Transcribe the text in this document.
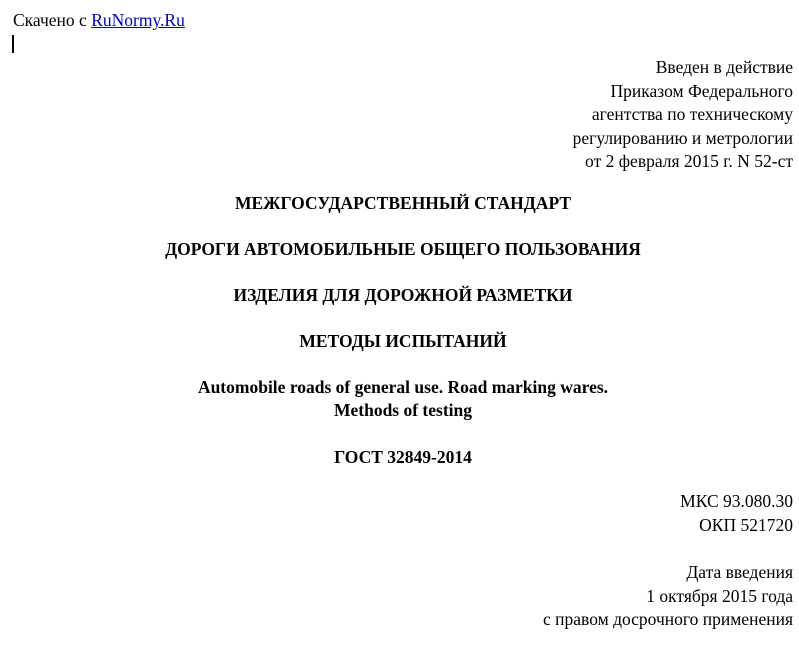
Скачено с RuNormy.Ru
Введен в действие
Приказом Федерального
агентства по техническому
регулированию и метрологии
от 2 февраля 2015 г. N 52-ст
МЕЖГОСУДАРСТВЕННЫЙ СТАНДАРТ
ДОРОГИ АВТОМОБИЛЬНЫЕ ОБЩЕГО ПОЛЬЗОВАНИЯ
ИЗДЕЛИЯ ДЛЯ ДОРОЖНОЙ РАЗМЕТКИ
МЕТОДЫ ИСПЫТАНИЙ
Automobile roads of general use. Road marking wares.
Methods of testing
ГОСТ 32849-2014
МКС 93.080.30
ОКП 521720
Дата введения
1 октября 2015 года
с правом досрочного применения
